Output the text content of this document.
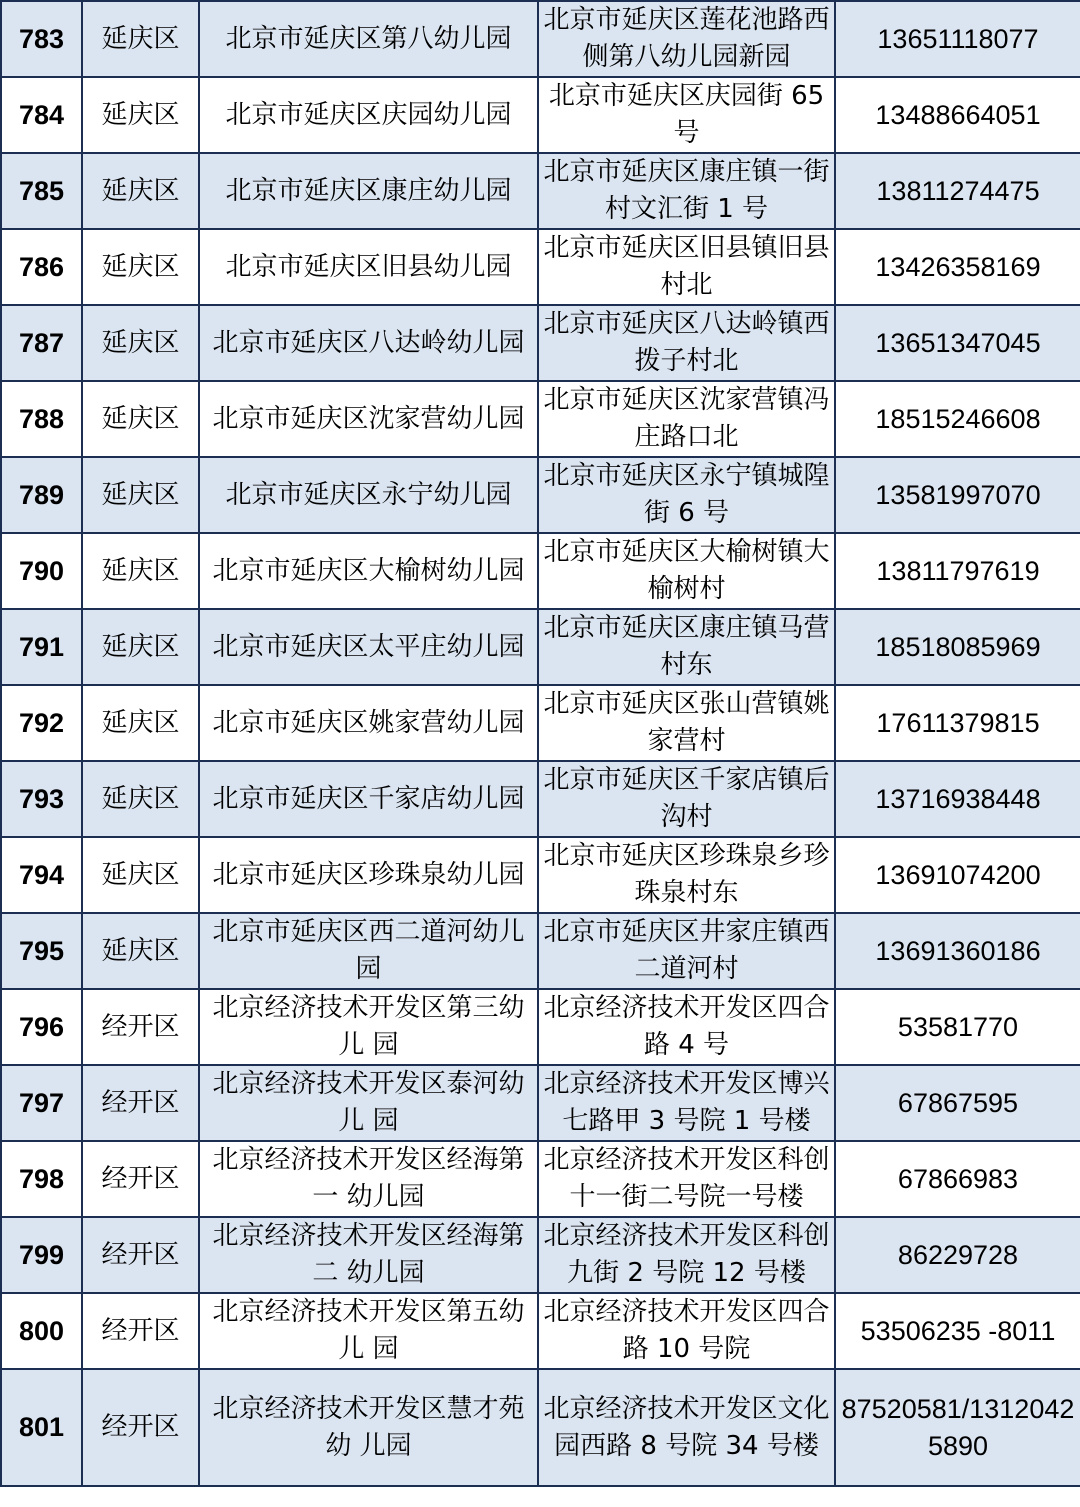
783	延庆区	北京市延庆区第八幼儿园	北京市延庆区莲花池路西侧第八幼儿园新园	13651118077
784	延庆区	北京市延庆区庆园幼儿园	北京市延庆区庆园街 65 号	13488664051
785	延庆区	北京市延庆区康庄幼儿园	北京市延庆区康庄镇一街村文汇街 1 号	13811274475
786	延庆区	北京市延庆区旧县幼儿园	北京市延庆区旧县镇旧县村北	13426358169
787	延庆区	北京市延庆区八达岭幼儿园	北京市延庆区八达岭镇西拨子村北	13651347045
788	延庆区	北京市延庆区沈家营幼儿园	北京市延庆区沈家营镇冯庄路口北	18515246608
789	延庆区	北京市延庆区永宁幼儿园	北京市延庆区永宁镇城隍街 6 号	13581997070
790	延庆区	北京市延庆区大榆树幼儿园	北京市延庆区大榆树镇大榆树村	13811797619
791	延庆区	北京市延庆区太平庄幼儿园	北京市延庆区康庄镇马营村东	18518085969
792	延庆区	北京市延庆区姚家营幼儿园	北京市延庆区张山营镇姚家营村	17611379815
793	延庆区	北京市延庆区千家店幼儿园	北京市延庆区千家店镇后沟村	13716938448
794	延庆区	北京市延庆区珍珠泉幼儿园	北京市延庆区珍珠泉乡珍珠泉村东	13691074200
795	延庆区	北京市延庆区西二道河幼儿园	北京市延庆区井家庄镇西二道河村	13691360186
796	经开区	北京经济技术开发区第三幼儿 园	北京经济技术开发区四合路 4 号	53581770
797	经开区	北京经济技术开发区泰河幼儿 园	北京经济技术开发区博兴七路甲 3 号院 1 号楼	67867595
798	经开区	北京经济技术开发区经海第一 幼儿园	北京经济技术开发区科创十一街二号院一号楼	67866983
799	经开区	北京经济技术开发区经海第二 幼儿园	北京经济技术开发区科创九街 2 号院 12 号楼	86229728
800	经开区	北京经济技术开发区第五幼儿 园	北京经济技术开发区四合路 10 号院	53506235 -8011
801	经开区	北京经济技术开发区慧才苑幼 儿园	北京经济技术开发区文化园西路 8 号院 34 号楼	87520581/13120425890
